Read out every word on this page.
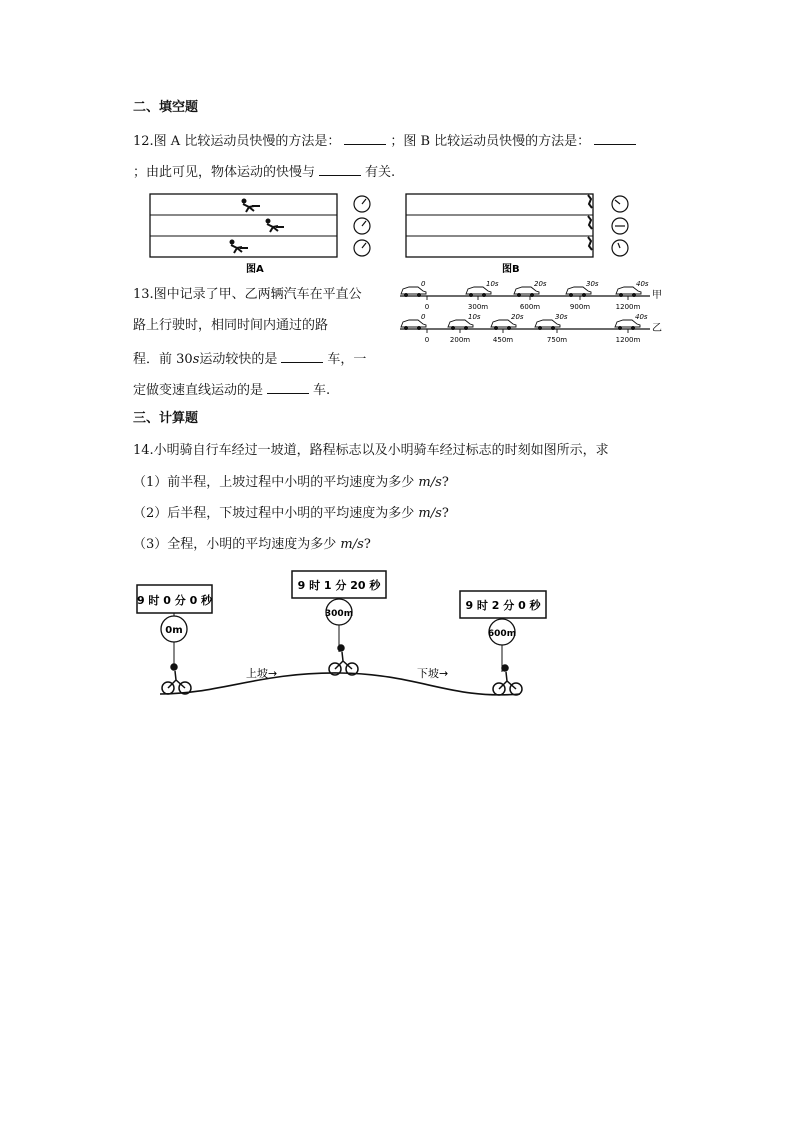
二、填空题
12.图 A 比较运动员快慢的方法是：	；图 B 比较运动员快慢的方法是：
；由此可见，物体运动的快慢与	有关.
图A	图B
13.图中记录了甲、乙两辆汽车在平直公
路上行驶时，相同时间内通过的路
程．前 30s运动较快的是	车，一
定做变速直线运动的是	车.
0
0
10s
300m
20s
600m
30s
900m
40s
1200m
甲
0
0
10s
200m
20s
450m
30s
750m
40s
1200m
乙
三、计算题
14.小明骑自行车经过一坡道，路程标志以及小明骑车经过标志的时刻如图所示，求
（1）前半程，上坡过程中小明的平均速度为多少 m/s?
（2）后半程，下坡过程中小明的平均速度为多少 m/s?
（3）全程，小明的平均速度为多少 m/s?
9 时 0 分 0 秒
0m
9 时 1 分 20 秒
300m
9 时 2 分 0 秒
600m
上坡→	下坡→
